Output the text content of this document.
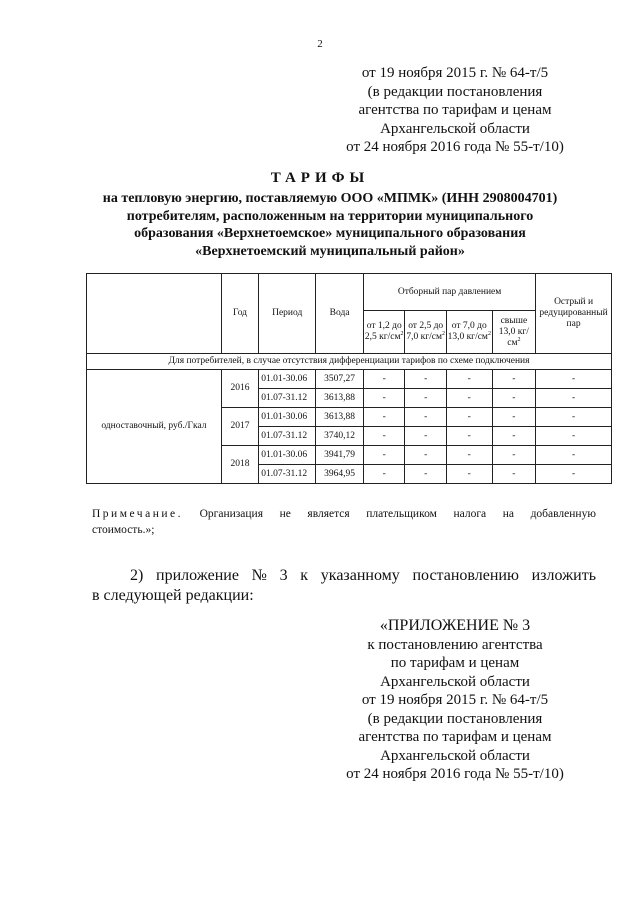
2
от 19 ноября 2015 г. № 64-т/5
(в редакции постановления
агентства по тарифам и ценам
Архангельской области
от 24 ноября 2016 года № 55-т/10)
ТАРИФЫ
на тепловую энергию, поставляемую ООО «МПМК» (ИНН 2908004701)
потребителям, расположенным на территории муниципального
образования «Верхнетоемское» муниципального образования
«Верхнетоемский муниципальный район»
	Год	Период	Вода	Отборный пар давлением				Острый и редуцированный пар
				от 1,2 до 2,5 $кг/см^2$	от 2,5 до 7,0 $кг/см^2$	от 7,0 до 13,0 $кг/см^2$	свыше 13,0 $кг/см^2$
Для потребителей, в случае отсутствия дифференциации тарифов по схеме подключения								
одноставочный, руб./Гкал	2016	01.01-30.06	3507,27	-	-	-	-	-
		01.07-31.12	3613,88	-	-	-	-	-
	2017	01.01-30.06	3613,88	-	-	-	-	-
		01.07-31.12	3740,12	-	-	-	-	-
	2018	01.01-30.06	3941,79	-	-	-	-	-
		01.07-31.12	3964,95	-	-	-	-	-
Примечание. Организация не является плательщиком налога на добавленную
стоимость.»;
2) приложение № 3 к указанному постановлению изложить
в следующей редакции:
«ПРИЛОЖЕНИЕ № 3
к постановлению агентства
по тарифам и ценам
Архангельской области
от 19 ноября 2015 г. № 64-т/5
(в редакции постановления
агентства по тарифам и ценам
Архангельской области
от 24 ноября 2016 года № 55-т/10)
